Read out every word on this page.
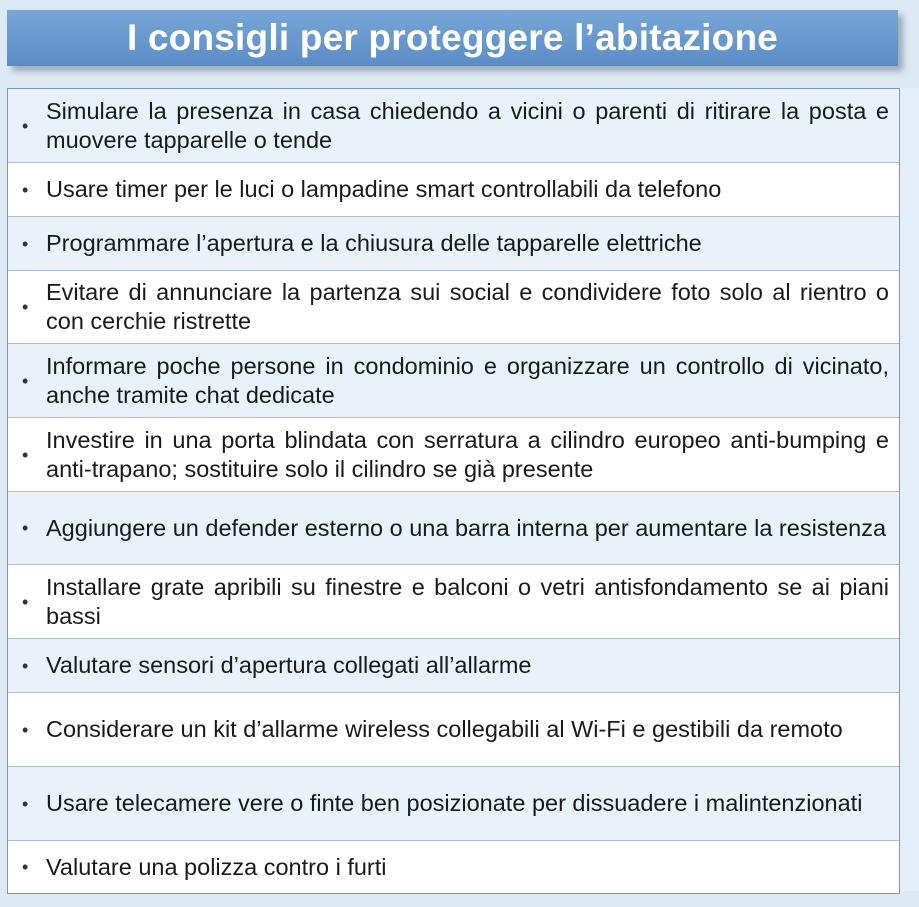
I consigli per proteggere l’abitazione
•
Simulare la presenza in casa chiedendo a vicini o parenti di ritirare la posta e muovere tapparelle o tende
• Usare timer per le luci o lampadine smart controllabili da telefono
• Programmare l’apertura e la chiusura delle tapparelle elettriche
•
Evitare di annunciare la partenza sui social e condividere foto solo al rientro o con cerchie ristrette
•
Informare poche persone in condominio e organizzare un controllo di vicinato, anche tramite chat dedicate
•
Investire in una porta blindata con serratura a cilindro europeo anti-bumping e anti-trapano; sostituire solo il cilindro se già presente
• Aggiungere un defender esterno o una barra interna per aumentare la resistenza
•
Installare grate apribili su finestre e balconi o vetri antisfondamento se ai piani bassi
• Valutare sensori d’apertura collegati all’allarme
• Considerare un kit d’allarme wireless collegabili al Wi-Fi e gestibili da remoto
• Usare telecamere vere o finte ben posizionate per dissuadere i malintenzionati
• Valutare una polizza contro i furti
